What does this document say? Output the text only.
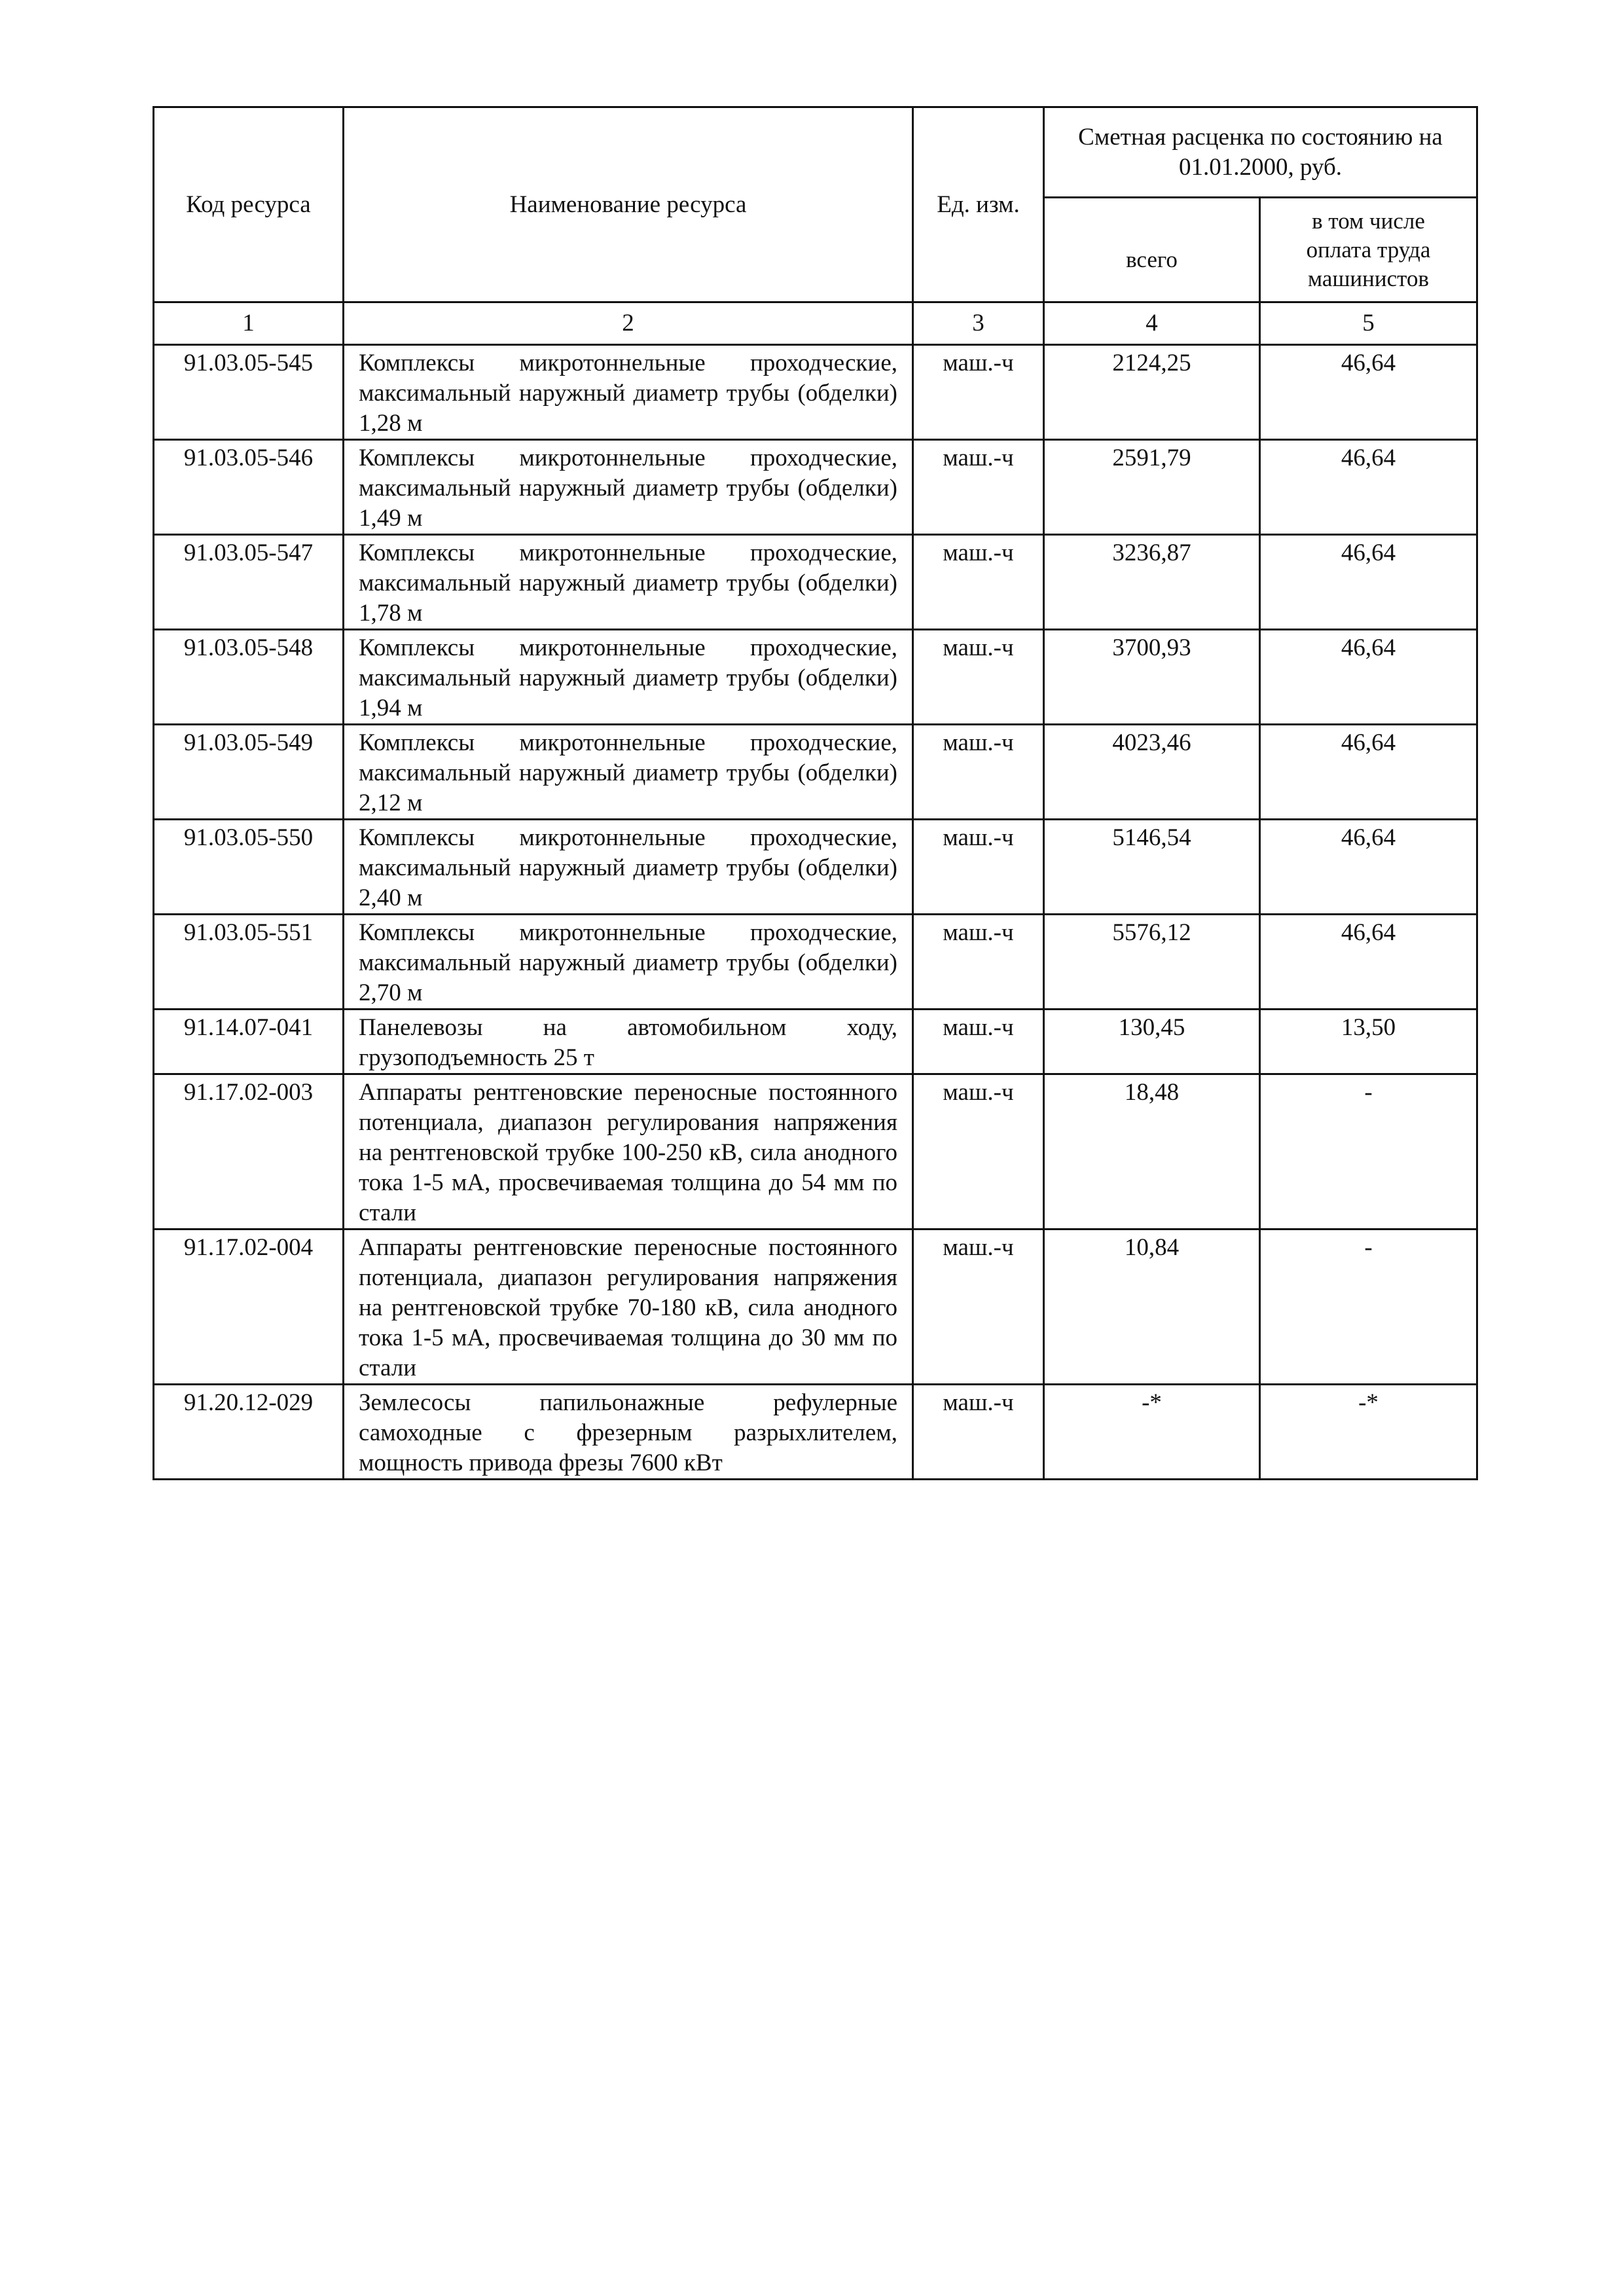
Код ресурса	Наименование ресурса	Ед. изм.	Сметная расценка по состоянию на 01.01.2000, руб.	
			всего	в том числе оплата труда машинистов
1	2	3	4	5
91.03.05-545	Комплексы микротоннельные проходческие, максимальный наружный диаметр трубы (обделки) 1,28 м	маш.-ч	2124,25	46,64
91.03.05-546	Комплексы микротоннельные проходческие, максимальный наружный диаметр трубы (обделки) 1,49 м	маш.-ч	2591,79	46,64
91.03.05-547	Комплексы микротоннельные проходческие, максимальный наружный диаметр трубы (обделки) 1,78 м	маш.-ч	3236,87	46,64
91.03.05-548	Комплексы микротоннельные проходческие, максимальный наружный диаметр трубы (обделки) 1,94 м	маш.-ч	3700,93	46,64
91.03.05-549	Комплексы микротоннельные проходческие, максимальный наружный диаметр трубы (обделки) 2,12 м	маш.-ч	4023,46	46,64
91.03.05-550	Комплексы микротоннельные проходческие, максимальный наружный диаметр трубы (обделки) 2,40 м	маш.-ч	5146,54	46,64
91.03.05-551	Комплексы микротоннельные проходческие, максимальный наружный диаметр трубы (обделки) 2,70 м	маш.-ч	5576,12	46,64
91.14.07-041	Панелевозы на автомобильном ходу, грузоподъемность 25 т	маш.-ч	130,45	13,50
91.17.02-003	Аппараты рентгеновские переносные постоянного потенциала, диапазон регулирования напряжения на рентгеновской трубке 100-250 кВ, сила анодного тока 1-5 мА, просвечиваемая толщина до 54 мм по стали	маш.-ч	18,48	-
91.17.02-004	Аппараты рентгеновские переносные постоянного потенциала, диапазон регулирования напряжения на рентгеновской трубке 70-180 кВ, сила анодного тока 1-5 мА, просвечиваемая толщина до 30 мм по стали	маш.-ч	10,84	-
91.20.12-029	Землесосы папильонажные рефулерные самоходные с фрезерным разрыхлителем, мощность привода фрезы 7600 кВт	маш.-ч	-*	-*
